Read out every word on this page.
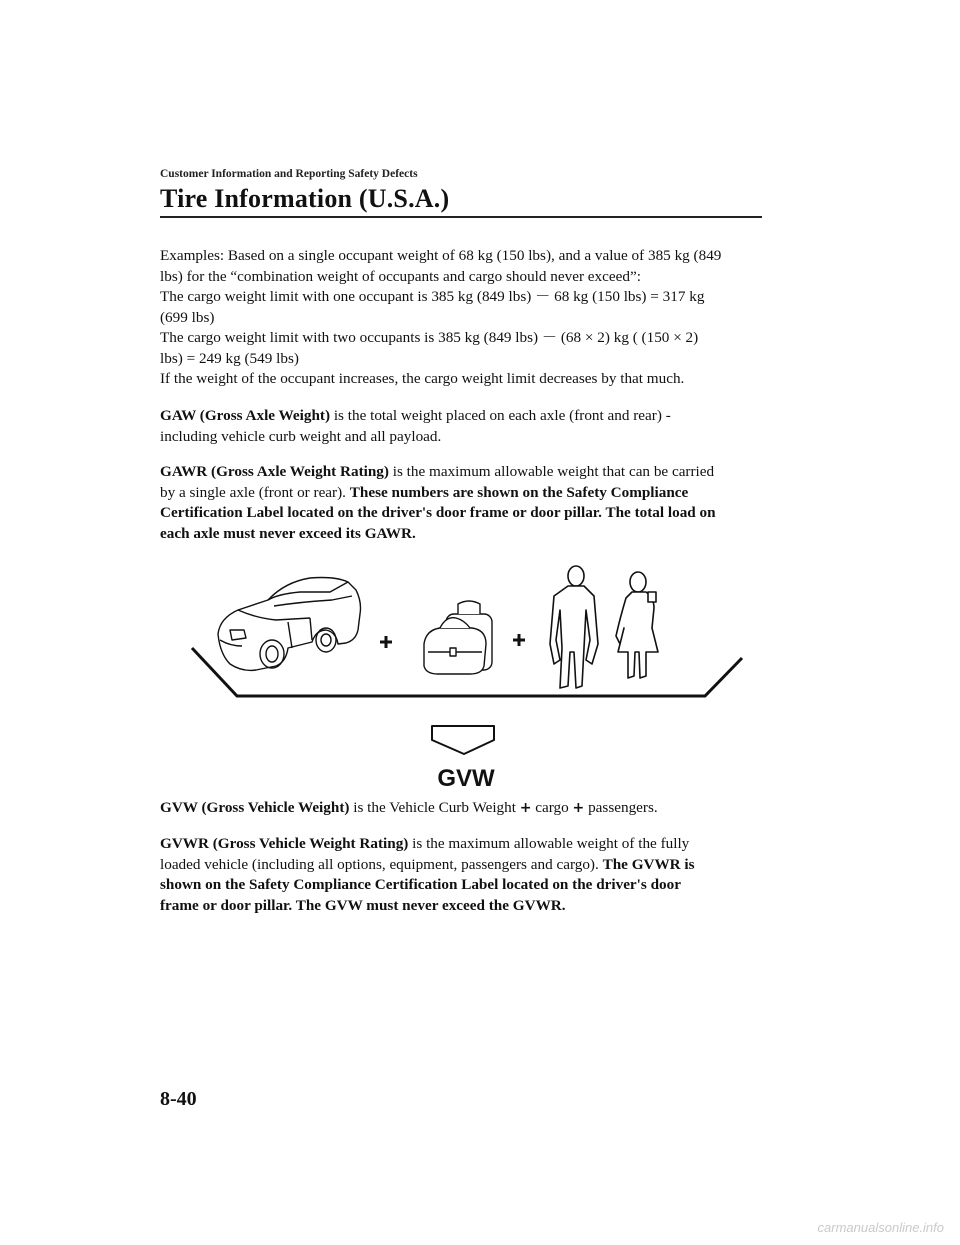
Customer Information and Reporting Safety Defects
Tire Information (U.S.A.)
Examples: Based on a single occupant weight of 68 kg (150 lbs), and a value of 385 kg (849
lbs) for the “combination weight of occupants and cargo should never exceed”:
The cargo weight limit with one occupant is 385 kg (849 lbs) － 68 kg (150 lbs) = 317 kg
(699 lbs)
The cargo weight limit with two occupants is 385 kg (849 lbs) － (68 × 2) kg ( (150 × 2)
lbs) = 249 kg (549 lbs)
If the weight of the occupant increases, the cargo weight limit decreases by that much.
GAW (Gross Axle Weight) is the total weight placed on each axle (front and rear) -
including vehicle curb weight and all payload.
GAWR (Gross Axle Weight Rating) is the maximum allowable weight that can be carried
by a single axle (front or rear). These numbers are shown on the Safety Compliance
Certification Label located on the driver's door frame or door pillar. The total load on
each axle must never exceed its GAWR.
GVW
GVW (Gross Vehicle Weight) is the Vehicle Curb Weight + cargo + passengers.
GVWR (Gross Vehicle Weight Rating) is the maximum allowable weight of the fully
loaded vehicle (including all options, equipment, passengers and cargo). The GVWR is
shown on the Safety Compliance Certification Label located on the driver's door
frame or door pillar. The GVW must never exceed the GVWR.
8-40
carmanualsonline.info
